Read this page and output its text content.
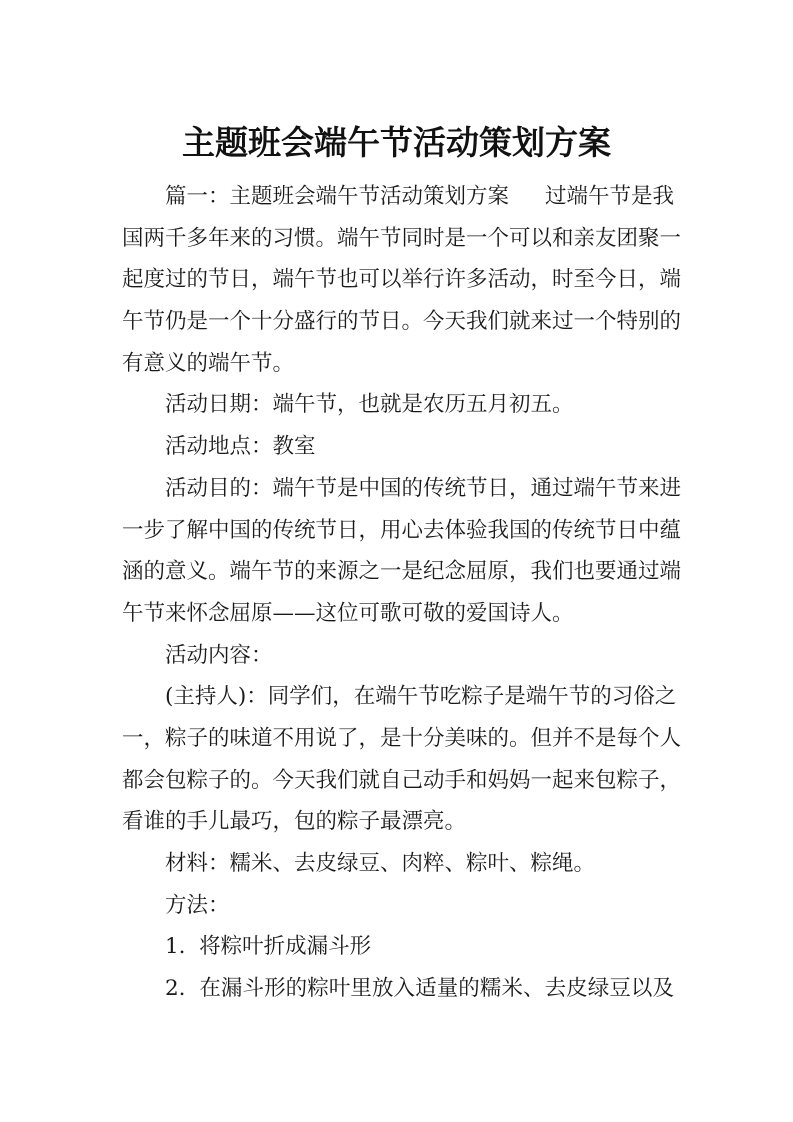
主题班会端午节活动策划方案
篇一：主题班会端午节活动策划方案 过端午节是我
国两千多年来的习惯。端午节同时是一个可以和亲友团聚一
起度过的节日，端午节也可以举行许多活动，时至今日，端
午节仍是一个十分盛行的节日。今天我们就来过一个特别的
有意义的端午节。
活动日期：端午节，也就是农历五月初五。
活动地点：教室
活动目的：端午节是中国的传统节日，通过端午节来进
一步了解中国的传统节日，用心去体验我国的传统节日中蕴
涵的意义。端午节的来源之一是纪念屈原，我们也要通过端
午节来怀念屈原——这位可歌可敬的爱国诗人。
活动内容：
(主持人)：同学们，在端午节吃粽子是端午节的习俗之
一，粽子的味道不用说了，是十分美味的。但并不是每个人
都会包粽子的。今天我们就自己动手和妈妈一起来包粽子，
看谁的手儿最巧，包的粽子最漂亮。
材料：糯米、去皮绿豆、肉粹、粽叶、粽绳。
方法：
1.  将粽叶折成漏斗形
2.  在漏斗形的粽叶里放入适量的糯米、去皮绿豆以及
